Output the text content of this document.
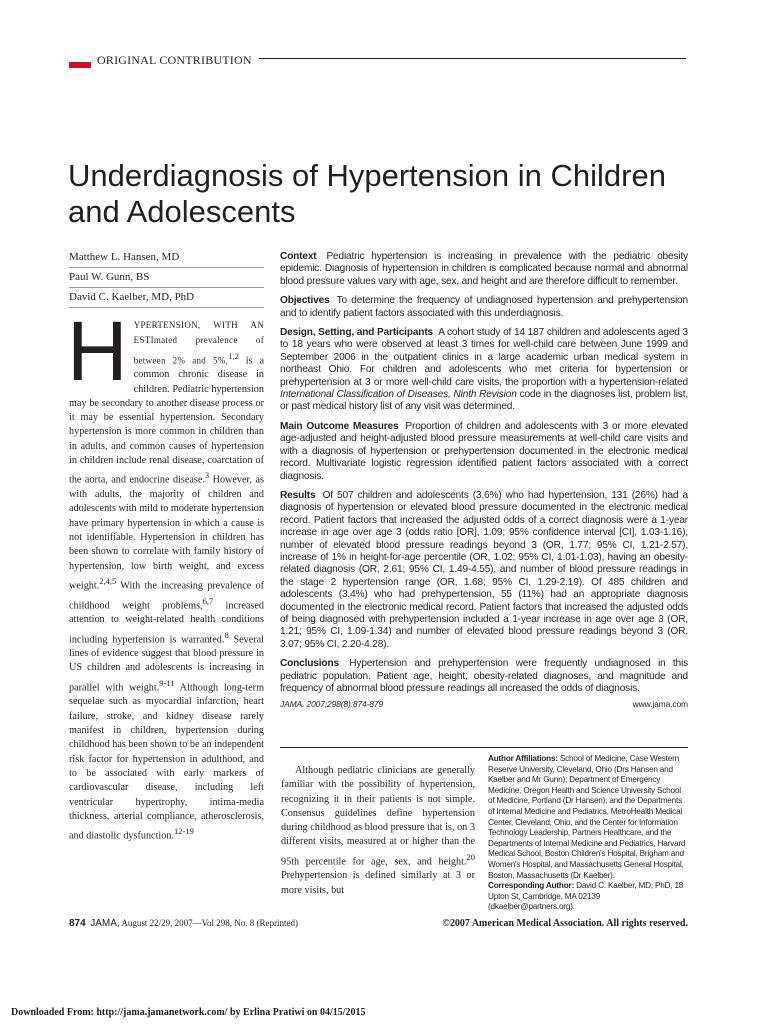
ORIGINAL CONTRIBUTION
Underdiagnosis of Hypertension in Children and Adolescents
Matthew L. Hansen, MD
Paul W. Gunn, BS
David C. Kaelber, MD, PhD

Context Pediatric hypertension is increasing in prevalence with the pediatric obesity epidemic. Diagnosis of hypertension in children is complicated because normal and abnormal blood pressure values vary with age, sex, and height and are therefore difficult to remember.

Objectives To determine the frequency of undiagnosed hypertension and prehypertension and to identify patient factors associated with this underdiagnosis.

Design, Setting, and Participants A cohort study of 14 187 children and adolescents aged 3 to 18 years who were observed at least 3 times for well-child care between June 1999 and September 2006 in the outpatient clinics in a large academic urban medical system in northeast Ohio. For children and adolescents who met criteria for hypertension or prehypertension at 3 or more well-child care visits, the proportion with a hypertension-related International Classification of Diseases, Ninth Revision code in the diagnoses list, problem list, or past medical history list of any visit was determined.

Main Outcome Measures Proportion of children and adolescents with 3 or more elevated age-adjusted and height-adjusted blood pressure measurements at well-child care visits and with a diagnosis of hypertension or prehypertension documented in the electronic medical record. Multivariate logistic regression identified patient factors associated with a correct diagnosis.

Results Of 507 children and adolescents (3.6%) who had hypertension, 131 (26%) had a diagnosis of hypertension or elevated blood pressure documented in the electronic medical record. Patient factors that increased the adjusted odds of a correct diagnosis were a 1-year increase in age over age 3 (odds ratio [OR], 1.09; 95% confidence interval [CI], 1.03-1.16), number of elevated blood pressure readings beyond 3 (OR, 1.77; 95% CI, 1.21-2.57), increase of 1% in height-for-age percentile (OR, 1.02; 95% CI, 1.01-1.03), having an obesity-related diagnosis (OR, 2.61; 95% CI, 1.49-4.55), and number of blood pressure readings in the stage 2 hypertension range (OR, 1.68; 95% CI, 1.29-2.19). Of 485 children and adolescents (3.4%) who had prehypertension, 55 (11%) had an appropriate diagnosis documented in the electronic medical record. Patient factors that increased the adjusted odds of being diagnosed with prehypertension included a 1-year increase in age over age 3 (OR, 1.21; 95% CI, 1.09-1.34) and number of elevated blood pressure readings beyond 3 (OR, 3.07; 95% CI, 2.20-4.28).

Conclusions Hypertension and prehypertension were frequently undiagnosed in this pediatric population. Patient age, height, obesity-related diagnoses, and magnitude and frequency of abnormal blood pressure readings all increased the odds of diagnosis.

JAMA. 2007;298(8):874-879	www.jama.com
HYPERTENSION, WITH AN ESTImated prevalence of between 2% and 5%,$^{1,2}$ is a common chronic disease in children. Pediatric hypertension may be secondary to another disease process or it may be essential hypertension. Secondary hypertension is more common in children than in adults, and common causes of hypertension in children include renal disease, coarctation of the aorta, and endocrine disease.$^3$ However, as with adults, the majority of children and adolescents with mild to moderate hypertension have primary hypertension in which a cause is not identifiable. Hypertension in children has been shown to correlate with family history of hypertension, low birth weight, and excess weight.$^{2,4,5}$ With the increasing prevalence of childhood weight problems,$^{6,7}$ increased attention to weight-related health conditions including hypertension is warranted.$^8$ Several lines of evidence suggest that blood pressure in US children and adolescents is increasing in parallel with weight.$^{9-11}$ Although long-term sequelae such as myocardial infarction, heart failure, stroke, and kidney disease rarely manifest in children, hypertension during childhood has been shown to be an independent risk factor for hypertension in adulthood, and to be associated with early markers of cardiovascular disease, including left ventricular hypertrophy, intima-media thickness, arterial compliance, atherosclerosis, and diastolic dysfunction.$^{12-19}$
Although pediatric clinicians are generally familiar with the possibility of hypertension, recognizing it in their patients is not simple. Consensus guidelines define hypertension during childhood as blood pressure that is, on 3 different visits, measured at or higher than the 95th percentile for age, sex, and height.$^{20}$ Prehypertension is defined similarly at 3 or more visits, but

Author Affiliations: School of Medicine, Case Western Reserve University, Cleveland, Ohio (Drs Hansen and Kaelber and Mr Gunn); Department of Emergency Medicine, Oregon Health and Science University School of Medicine, Portland (Dr Hansen); and the Departments of Internal Medicine and Pediatrics, MetroHealth Medical Center, Cleveland, Ohio, and the Center for Information Technology Leadership, Partners Healthcare, and the Departments of Internal Medicine and Pediatrics, Harvard Medical School, Boston Children's Hospital, Brigham and Women's Hospital, and Massachusetts General Hospital, Boston, Massachusetts (Dr Kaelber).

Corresponding Author: David C. Kaelber, MD, PhD, 18 Upton St, Cambridge, MA 02139 (dkaelber@partners.org).

874 JAMA, August 22/29, 2007—Vol 298, No. 8 (Reprinted)	©2007 American Medical Association. All rights reserved.
Downloaded From: http://jama.jamanetwork.com/ by Erlina Pratiwi on 04/15/2015
